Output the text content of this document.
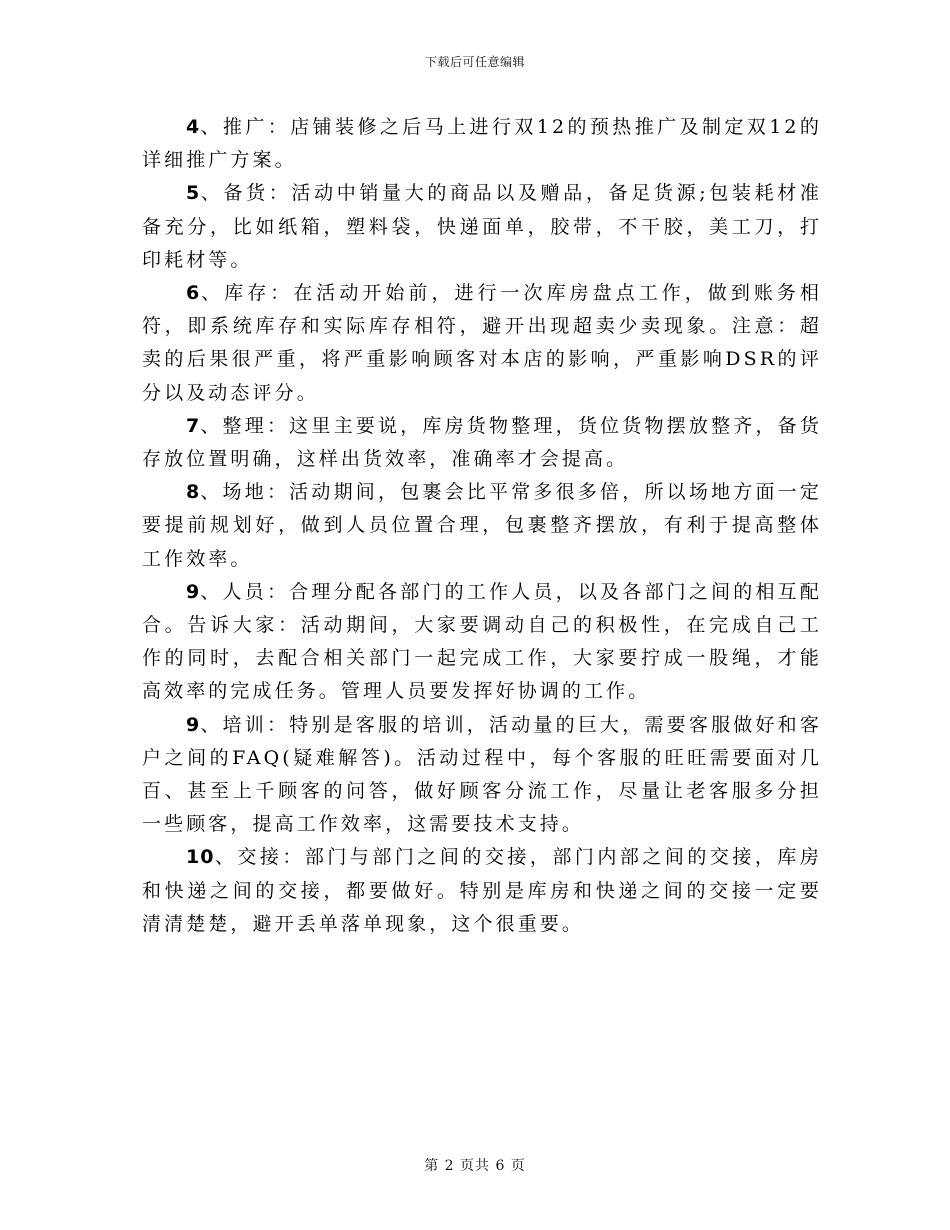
下载后可任意编辑

4、推广：店铺装修之后马上进行双12的预热推广及制定双12的详细推广方案。

5、备货：活动中销量大的商品以及赠品，备足货源;包装耗材准备充分，比如纸箱，塑料袋，快递面单，胶带，不干胶，美工刀，打印耗材等。

6、库存：在活动开始前，进行一次库房盘点工作，做到账务相符，即系统库存和实际库存相符，避开出现超卖少卖现象。注意：超卖的后果很严重，将严重影响顾客对本店的影响，严重影响DSR的评分以及动态评分。

7、整理：这里主要说，库房货物整理，货位货物摆放整齐，备货存放位置明确，这样出货效率，准确率才会提高。

8、场地：活动期间，包裹会比平常多很多倍，所以场地方面一定要提前规划好，做到人员位置合理，包裹整齐摆放，有利于提高整体工作效率。

9、人员：合理分配各部门的工作人员，以及各部门之间的相互配合。告诉大家：活动期间，大家要调动自己的积极性，在完成自己工作的同时，去配合相关部门一起完成工作，大家要拧成一股绳，才能高效率的完成任务。管理人员要发挥好协调的工作。

9、培训：特别是客服的培训，活动量的巨大，需要客服做好和客户之间的FAQ(疑难解答)。活动过程中，每个客服的旺旺需要面对几百、甚至上千顾客的问答，做好顾客分流工作，尽量让老客服多分担一些顾客，提高工作效率，这需要技术支持。

10、交接：部门与部门之间的交接，部门内部之间的交接，库房和快递之间的交接，都要做好。特别是库房和快递之间的交接一定要清清楚楚，避开丢单落单现象，这个很重要。

第 2 页共 6 页
